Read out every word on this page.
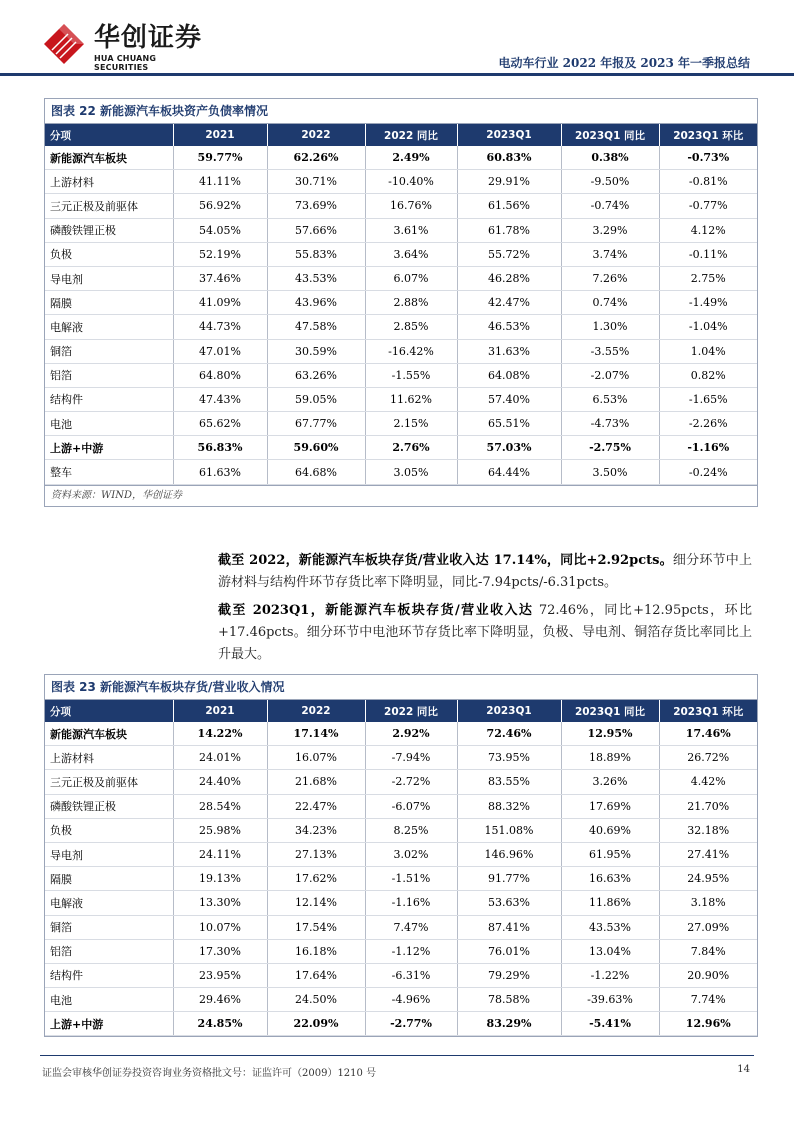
华创证券
HUA CHUANG SECURITIES	电动车行业 2022 年报及 2023 年一季报总结
图表 22 新能源汽车板块资产负债率情况
分项	2021	2022	2022 同比	2023Q1	2023Q1 同比	2023Q1 环比
新能源汽车板块	59.77%	62.26%	2.49%	60.83%	0.38%	-0.73%
上游材料	41.11%	30.71%	-10.40%	29.91%	-9.50%	-0.81%
三元正极及前驱体	56.92%	73.69%	16.76%	61.56%	-0.74%	-0.77%
磷酸铁锂正极	54.05%	57.66%	3.61%	61.78%	3.29%	4.12%
负极	52.19%	55.83%	3.64%	55.72%	3.74%	-0.11%
导电剂	37.46%	43.53%	6.07%	46.28%	7.26%	2.75%
隔膜	41.09%	43.96%	2.88%	42.47%	0.74%	-1.49%
电解液	44.73%	47.58%	2.85%	46.53%	1.30%	-1.04%
铜箔	47.01%	30.59%	-16.42%	31.63%	-3.55%	1.04%
铝箔	64.80%	63.26%	-1.55%	64.08%	-2.07%	0.82%
结构件	47.43%	59.05%	11.62%	57.40%	6.53%	-1.65%
电池	65.62%	67.77%	2.15%	65.51%	-4.73%	-2.26%
上游+中游	56.83%	59.60%	2.76%	57.03%	-2.75%	-1.16%
整车	61.63%	64.68%	3.05%	64.44%	3.50%	-0.24%
资料来源：WIND，华创证券
截至 2022，新能源汽车板块存货/营业收入达 17.14%，同比+2.92pcts。细分环节中上游材料与结构件环节存货比率下降明显，同比-7.94pcts/-6.31pcts。
截至 2023Q1，新能源汽车板块存货/营业收入达 72.46%，同比+12.95pcts，环比+17.46pcts。细分环节中电池环节存货比率下降明显，负极、导电剂、铜箔存货比率同比上升最大。
图表 23 新能源汽车板块存货/营业收入情况
分项	2021	2022	2022 同比	2023Q1	2023Q1 同比	2023Q1 环比
新能源汽车板块	14.22%	17.14%	2.92%	72.46%	12.95%	17.46%
上游材料	24.01%	16.07%	-7.94%	73.95%	18.89%	26.72%
三元正极及前驱体	24.40%	21.68%	-2.72%	83.55%	3.26%	4.42%
磷酸铁锂正极	28.54%	22.47%	-6.07%	88.32%	17.69%	21.70%
负极	25.98%	34.23%	8.25%	151.08%	40.69%	32.18%
导电剂	24.11%	27.13%	3.02%	146.96%	61.95%	27.41%
隔膜	19.13%	17.62%	-1.51%	91.77%	16.63%	24.95%
电解液	13.30%	12.14%	-1.16%	53.63%	11.86%	3.18%
铜箔	10.07%	17.54%	7.47%	87.41%	43.53%	27.09%
铝箔	17.30%	16.18%	-1.12%	76.01%	13.04%	7.84%
结构件	23.95%	17.64%	-6.31%	79.29%	-1.22%	20.90%
电池	29.46%	24.50%	-4.96%	78.58%	-39.63%	7.74%
上游+中游	24.85%	22.09%	-2.77%	83.29%	-5.41%	12.96%
证监会审核华创证券投资咨询业务资格批文号：证监许可（2009）1210 号	14
